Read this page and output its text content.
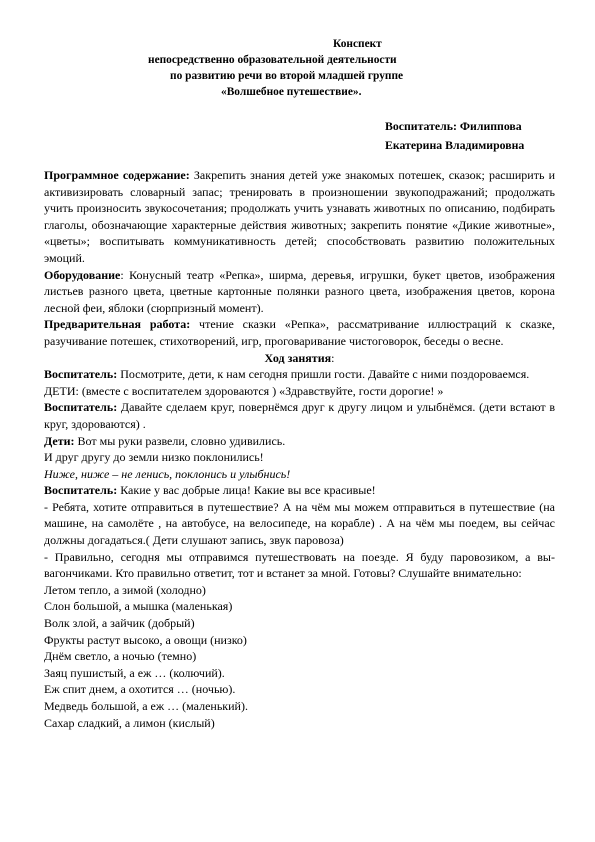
Конспект
непосредственно образовательной деятельности
по развитию речи во второй младшей группе
«Волшебное путешествие».
Воспитатель: Филиппова
Екатерина Владимировна

Программное содержание: Закрепить знания детей уже знакомых потешек, сказок; расширить и активизировать словарный запас; тренировать в произношении звукоподражаний; продолжать учить произносить звукосочетания; продолжать учить узнавать животных по описанию, подбирать глаголы, обозначающие характерные действия животных; закрепить понятие «Дикие животные», «цветы»; воспитывать коммуникативность детей; способствовать развитию положительных эмоций.

Оборудование: Конусный театр «Репка», ширма, деревья, игрушки, букет цветов, изображения листьев разного цвета, цветные картонные полянки разного цвета, изображения цветов, корона лесной феи, яблоки (сюрпризный момент).

Предварительная работа: чтение сказки «Репка», рассматривание иллюстраций к сказке, разучивание потешек, стихотворений, игр, проговаривание чистоговорок, беседы о весне.

Ход занятия:

Воспитатель: Посмотрите, дети, к нам сегодня пришли гости. Давайте с ними поздороваемся.

ДЕТИ: (вместе с воспитателем здороваются ) «Здравствуйте, гости дорогие! »

Воспитатель: Давайте сделаем круг, повернёмся друг к другу лицом и улыбнёмся. (дети встают в круг, здороваются) .

Дети: Вот мы руки развели, словно удивились.

И друг другу до земли низко поклонились!

Ниже, ниже – не ленись, поклонись и улыбнись!

Воспитатель: Какие у вас добрые лица! Какие вы все красивые!

- Ребята, хотите отправиться в путешествие? А на чём мы можем отправиться в путешествие (на машине, на самолёте , на автобусе, на велосипеде, на корабле) . А на чём мы поедем, вы сейчас должны догадаться.( Дети слушают запись, звук паровоза)

- Правильно, сегодня мы отправимся путешествовать на поезде. Я буду паровозиком, а вы- вагончиками. Кто правильно ответит, тот и встанет за мной. Готовы? Слушайте внимательно:

Летом тепло, а зимой (холодно)

Слон большой, а мышка (маленькая)

Волк злой, а зайчик (добрый)

Фрукты растут высоко, а овощи (низко)

Днём светло, а ночью (темно)

Заяц пушистый, а еж … (колючий).

Еж спит днем, а охотится … (ночью).

Медведь большой, а еж … (маленький).

Сахар сладкий, а лимон (кислый)
